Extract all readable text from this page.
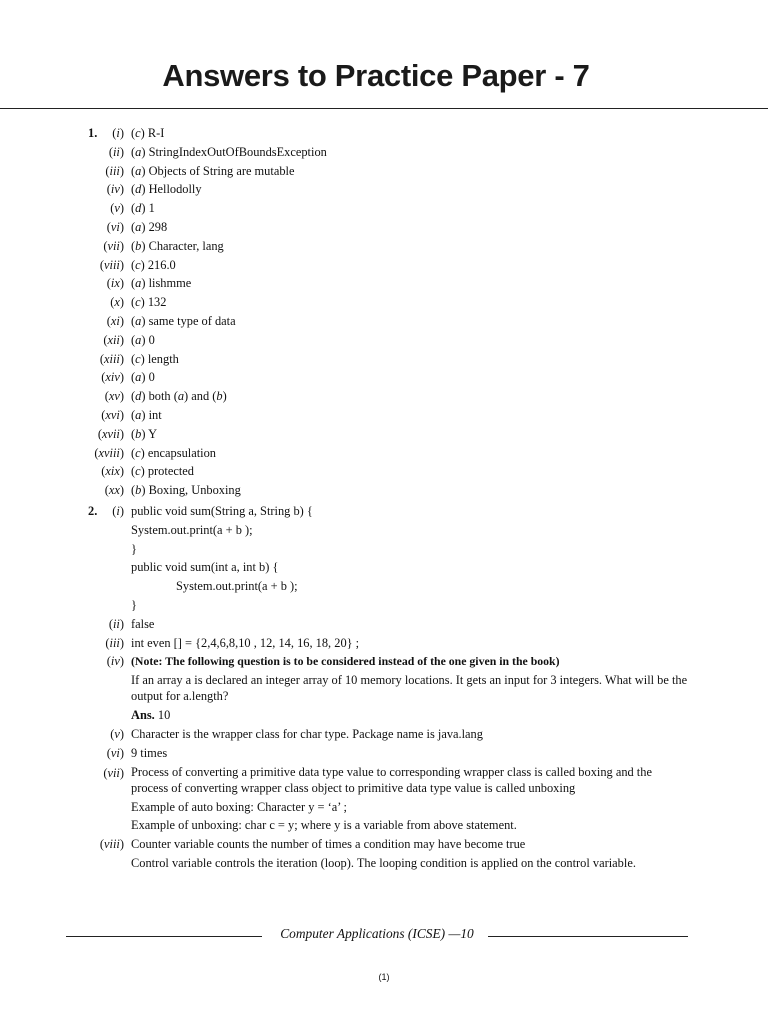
Answers to Practice Paper - 7
1. (i) (c) R-I
(ii) (a) StringIndexOutOfBoundsException
(iii) (a) Objects of String are mutable
(iv) (d) Hellodolly
(v) (d) 1
(vi) (a) 298
(vii) (b) Character, lang
(viii) (c) 216.0
(ix) (a) lishmme
(x) (c) 132
(xi) (a) same type of data
(xii) (a) 0
(xiii) (c) length
(xiv) (a) 0
(xv) (d) both (a) and (b)
(xvi) (a) int
(xvii) (b) Y
(xviii) (c) encapsulation
(xix) (c) protected
(xx) (b) Boxing, Unboxing
2. (i) public void sum(String a, String b) {
System.out.print(a + b );
}
public void sum(int a, int b) {
System.out.print(a + b );
}
(ii) false
(iii) int even [] = {2,4,6,8,10 , 12, 14, 16, 18, 20} ;
(iv) (Note: The following question is to be considered instead of the one given in the book)
If an array a is declared an integer array of 10 memory locations. It gets an input for 3 integers. What will be the output for a.length?
Ans. 10
(v) Character is the wrapper class for char type. Package name is java.lang
(vi) 9 times
(vii) Process of converting a primitive data type value to corresponding wrapper class is called boxing and the process of converting wrapper class object to primitive data type value is called unboxing
Example of auto boxing: Character y = ‘a’ ;
Example of unboxing: char c = y; where y is a variable from above statement.
(viii) Counter variable counts the number of times a condition may have become true
Control variable controls the iteration (loop). The looping condition is applied on the control variable.
Computer Applications (ICSE) —10
(1)
